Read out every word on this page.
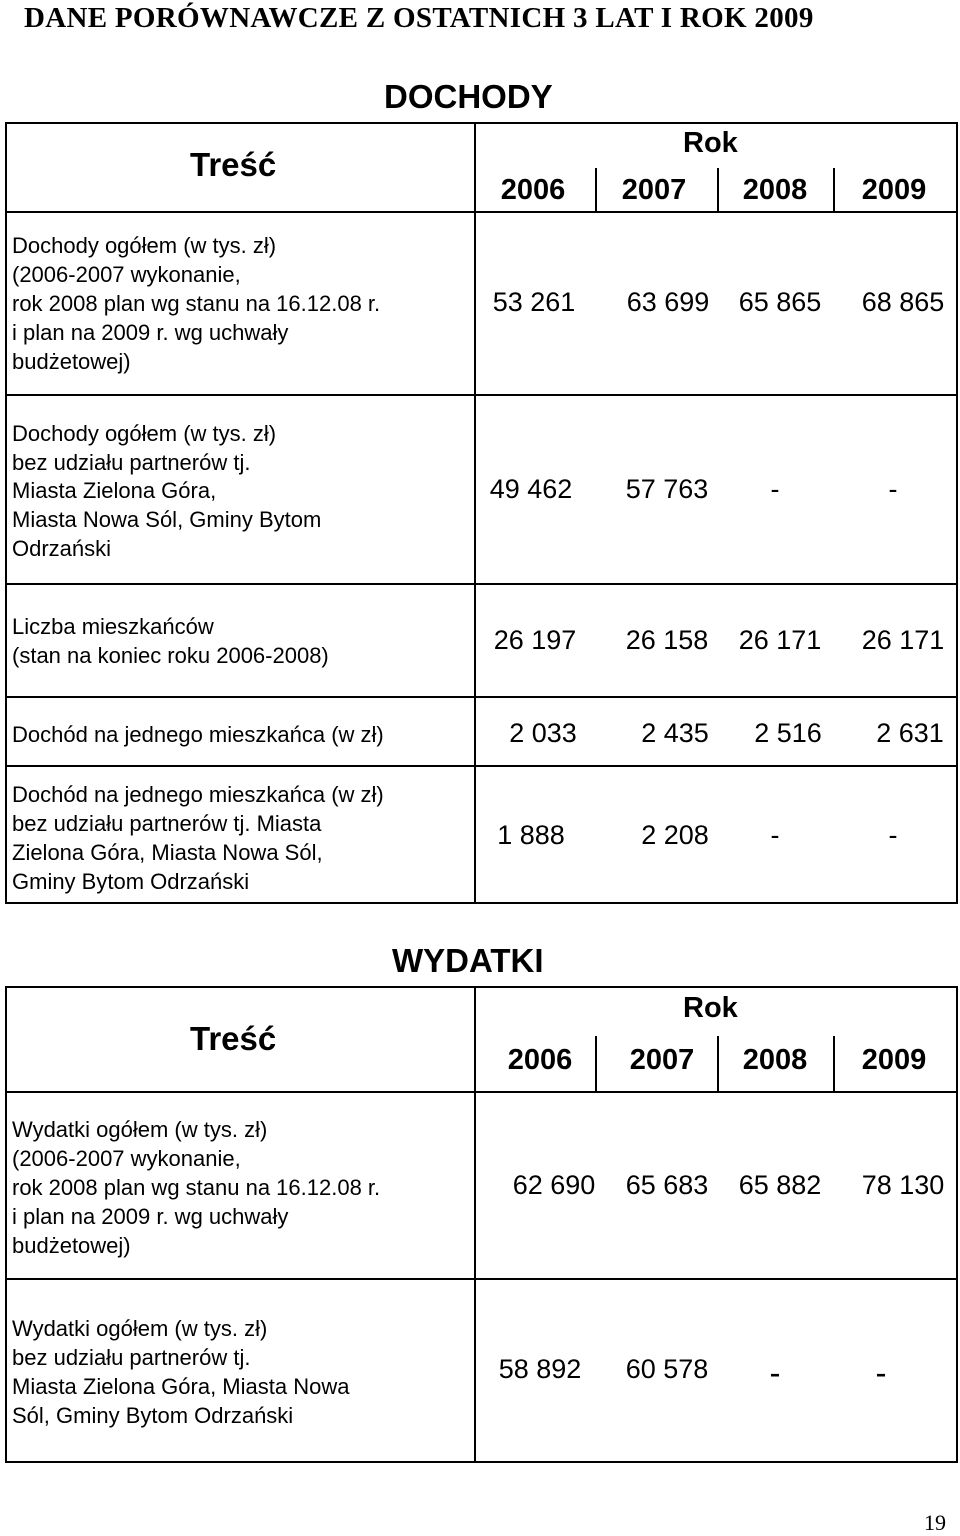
DANE PORÓWNAWCZE Z OSTATNICH 3 LAT I ROK 2009
DOCHODY
Treść
Rok
2006	2007	2008	2009
Dochody ogółem (w tys. zł)
(2006-2007 wykonanie,
rok 2008 plan wg stanu na 16.12.08 r.
i plan na 2009 r. wg uchwały
budżetowej)
53 261	63 699	65 865	68 865
Dochody ogółem (w tys. zł)
bez udziału partnerów tj.
Miasta Zielona Góra,
Miasta Nowa Sól, Gminy Bytom
Odrzański
49 462	57 763	-	-
Liczba mieszkańców
(stan na koniec roku 2006-2008)
26 197	26 158	26 171	26 171
Dochód na jednego mieszkańca (w zł)	2 033	2 435	2 516	2 631
Dochód na jednego mieszkańca (w zł)
bez udziału partnerów tj. Miasta
Zielona Góra, Miasta Nowa Sól,
Gminy Bytom Odrzański
1 888	2 208	-	-
WYDATKI
Treść
Rok
2006	2007	2008	2009
Wydatki ogółem (w tys. zł)
(2006-2007 wykonanie,
rok 2008 plan wg stanu na 16.12.08 r.
i plan na 2009 r. wg uchwały
budżetowej)
62 690	65 683	65 882	78 130
Wydatki ogółem (w tys. zł)
bez udziału partnerów tj.
Miasta Zielona Góra, Miasta Nowa
Sól, Gminy Bytom Odrzański
58 892	60 578	-	-
19
